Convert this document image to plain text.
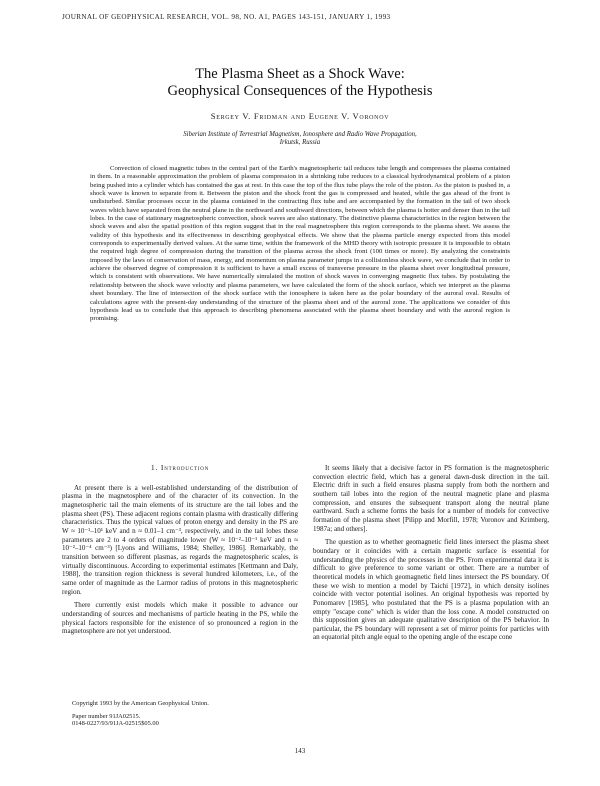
JOURNAL OF GEOPHYSICAL RESEARCH, VOL. 98, NO. A1, PAGES 143-151, JANUARY 1, 1993
The Plasma Sheet as a Shock Wave:
Geophysical Consequences of the Hypothesis
Sergey V. Fridman and Eugene V. Voronov
Siberian Institute of Terrestrial Magnetism, Ionosphere and Radio Wave Propagation,
Irkutsk, Russia

Convection of closed magnetic tubes in the central part of the Earth's magnetospheric tail reduces tube length and compresses the plasma contained in them. In a reasonable approximation the problem of plasma compression in a shrinking tube reduces to a classical hydrodynamical problem of a piston being pushed into a cylinder which has contained the gas at rest. In this case the top of the flux tube plays the role of the piston. As the piston is pushed in, a shock wave is known to separate from it. Between the piston and the shock front the gas is compressed and heated, while the gas ahead of the front is undisturbed. Similar processes occur in the plasma contained in the contracting flux tube and are accompanied by the formation in the tail of two shock waves which have separated from the neutral plane in the northward and southward directions, between which the plasma is hotter and denser than in the tail lobes. In the case of stationary magnetospheric convection, shock waves are also stationary. The distinctive plasma characteristics in the region between the shock waves and also the spatial position of this region suggest that in the real magnetosphere this region corresponds to the plasma sheet. We assess the validity of this hypothesis and its effectiveness in describing geophysical effects. We show that the plasma particle energy expected from this model corresponds to experimentally derived values. At the same time, within the framework of the MHD theory with isotropic pressure it is impossible to obtain the required high degree of compression during the transition of the plasma across the shock front (100 times or more). By analyzing the constraints imposed by the laws of conservation of mass, energy, and momentum on plasma parameter jumps in a collisionless shock wave, we conclude that in order to achieve the observed degree of compression it is sufficient to have a small excess of transverse pressure in the plasma sheet over longitudinal pressure, which is consistent with observations. We have numerically simulated the motion of shock waves in converging magnetic flux tubes. By postulating the relationship between the shock wave velocity and plasma parameters, we have calculated the form of the shock surface, which we interpret as the plasma sheet boundary. The line of intersection of the shock surface with the ionosphere is taken here as the polar boundary of the auroral oval. Results of calculations agree with the present-day understanding of the structure of the plasma sheet and of the auroral zone. The applications we consider of this hypothesis lead us to conclude that this approach to describing phenomena associated with the plasma sheet boundary and with the auroral region is promising.

1. Introduction

At present there is a well-established understanding of the distribution of plasma in the magnetosphere and of the character of its convection. In the magnetospheric tail the main elements of its structure are the tail lobes and the plasma sheet (PS). These adjacent regions contain plasma with drastically differing characteristics. Thus the typical values of proton energy and density in the PS are W ≈ 10⁻¹–10¹ keV and n ≈ 0.01–1 cm⁻³, respectively, and in the tail lobes these parameters are 2 to 4 orders of magnitude lower (W ≈ 10⁻²–10⁻¹ keV and n ≈ 10⁻²–10⁻⁴ cm⁻³) [Lyons and Williams, 1984; Shelley, 1986]. Remarkably, the transition between so different plasmas, as regards the magnetospheric scales, is virtually discontinuous. According to experimental estimates [Kettmann and Daly, 1988], the transition region thickness is several hundred kilometers, i.e., of the same order of magnitude as the Larmor radius of protons in this magnetospheric region.

There currently exist models which make it possible to advance our understanding of sources and mechanisms of particle heating in the PS, while the physical factors responsible for the existence of so pronounced a region in the magnetosphere are not yet understood.

Copyright 1993 by the American Geophysical Union.
Paper number 91JA02515.
0148-0227/93/91JA-02515$05.00

It seems likely that a decisive factor in PS formation is the magnetospheric convection electric field, which has a general dawn-dusk direction in the tail. Electric drift in such a field ensures plasma supply from both the northern and southern tail lobes into the region of the neutral magnetic plane and plasma compression, and ensures the subsequent transport along the neutral plane earthward. Such a scheme forms the basis for a number of models for convective formation of the plasma sheet [Pilipp and Morfill, 1978; Voronov and Krimberg, 1987a; and others].

The question as to whether geomagnetic field lines intersect the plasma sheet boundary or it coincides with a certain magnetic surface is essential for understanding the physics of the processes in the PS. From experimental data it is difficult to give preference to some variant or other. There are a number of theoretical models in which geomagnetic field lines intersect the PS boundary. Of these we wish to mention a model by Taichi [1972], in which density isolines coincide with vector potential isolines. An original hypothesis was reported by Ponomarev [1985], who postulated that the PS is a plasma population with an empty "escape cone" which is wider than the loss cone. A model constructed on this supposition gives an adequate qualitative description of the PS behavior. In particular, the PS boundary will represent a set of mirror points for particles with an equatorial pitch angle equal to the opening angle of the escape cone

143
